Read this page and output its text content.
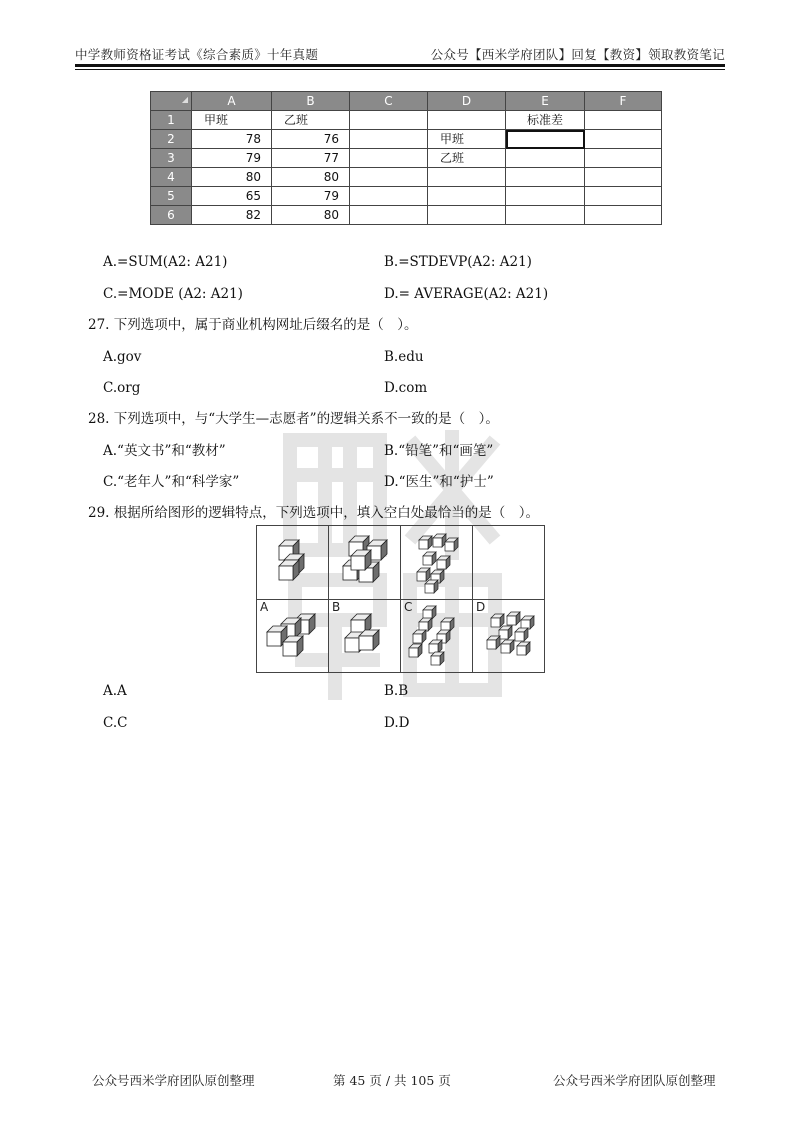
中学教师资格证考试《综合素质》十年真题	公众号【西米学府团队】回复【教资】领取教资笔记
◢	A	B	C	D	E	F
1	甲班	乙班			标准差	
2	78	76		甲班		
3	79	77		乙班		
4	80	80				
5	65	79				
6	82	80				
A.=SUM(A2: A21)	B.=STDEVP(A2: A21)
C.=MODE (A2: A21)	D.= AVERAGE(A2: A21)
27. 下列选项中，属于商业机构网址后缀名的是（　）。
A.gov	B.edu
C.org	D.com
28. 下列选项中，与“大学生—志愿者”的逻辑关系不一致的是（　）。
A.“英文书”和“教材”	B.“铅笔”和“画笔”
C.“老年人”和“科学家”	D.“医生”和“护士”
29. 根据所给图形的逻辑特点，下列选项中，填入空白处最恰当的是（　）。
A	B	C	D
A.A	B.B
C.C	D.D
公众号西米学府团队原创整理	第 45 页 / 共 105 页	公众号西米学府团队原创整理
